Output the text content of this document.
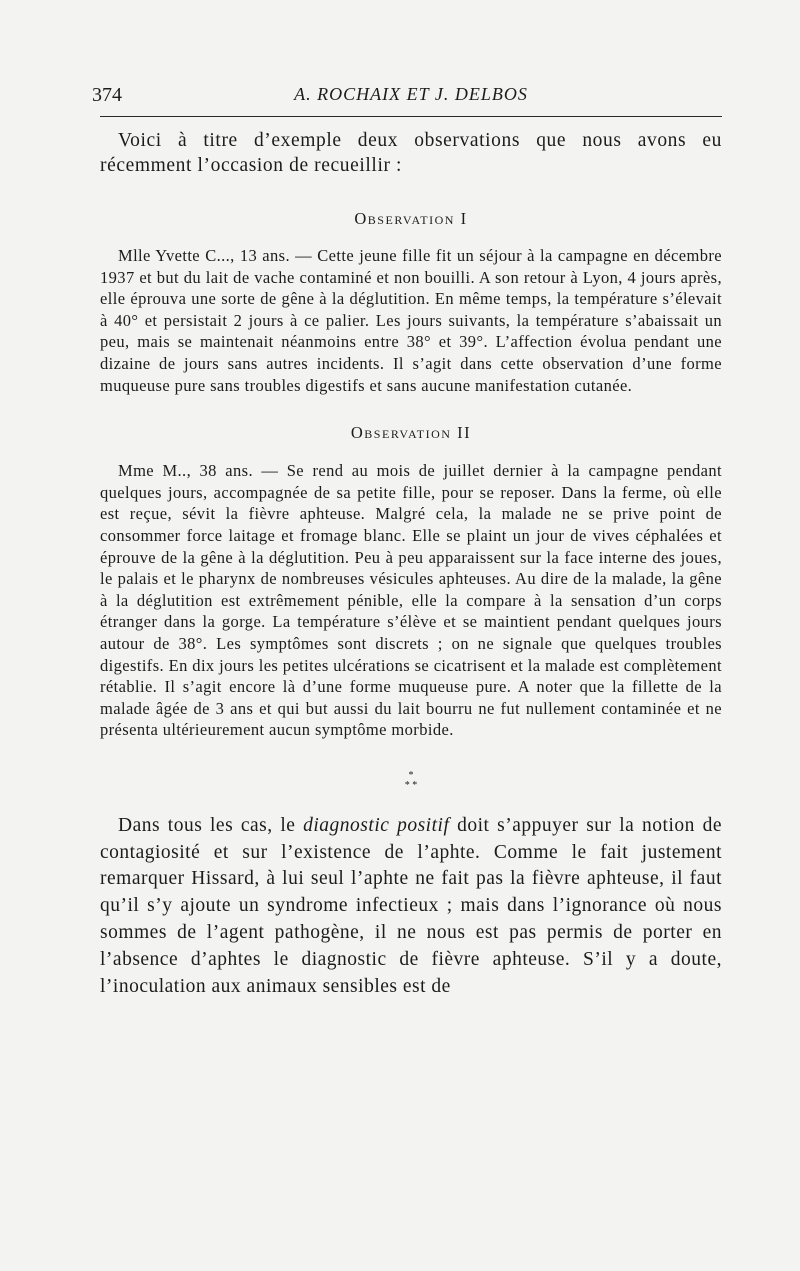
374	A. ROCHAIX ET J. DELBOS

Voici à titre d’exemple deux observations que nous avons eu récemment l’occasion de recueillir :

Observation I

Mlle Yvette C..., 13 ans. — Cette jeune fille fit un séjour à la campagne en décembre 1937 et but du lait de vache contaminé et non bouilli. A son retour à Lyon, 4 jours après, elle éprouva une sorte de gêne à la déglutition. En même temps, la température s’élevait à 40° et persistait 2 jours à ce palier. Les jours suivants, la température s’abaissait un peu, mais se maintenait néanmoins entre 38° et 39°. L’affection évolua pendant une dizaine de jours sans autres incidents. Il s’agit dans cette observation d’une forme muqueuse pure sans troubles digestifs et sans aucune manifestation cutanée.

Observation II

Mme M.., 38 ans. — Se rend au mois de juillet dernier à la campagne pendant quelques jours, accompagnée de sa petite fille, pour se reposer. Dans la ferme, où elle est reçue, sévit la fièvre aphteuse. Malgré cela, la malade ne se prive point de consommer force laitage et fromage blanc. Elle se plaint un jour de vives céphalées et éprouve de la gêne à la déglutition. Peu à peu apparaissent sur la face interne des joues, le palais et le pharynx de nombreuses vésicules aphteuses. Au dire de la malade, la gêne à la déglutition est extrêmement pénible, elle la compare à la sensation d’un corps étranger dans la gorge. La température s’élève et se maintient pendant quelques jours autour de 38°. Les symptômes sont discrets ; on ne signale que quelques troubles digestifs. En dix jours les petites ulcérations se cicatrisent et la malade est complètement rétablie. Il s’agit encore là d’une forme muqueuse pure. A noter que la fillette de la malade âgée de 3 ans et qui but aussi du lait bourru ne fut nullement contaminée et ne présenta ultérieurement aucun symptôme morbide.

*
* *

Dans tous les cas, le diagnostic positif doit s’appuyer sur la notion de contagiosité et sur l’existence de l’aphte. Comme le fait justement remarquer Hissard, à lui seul l’aphte ne fait pas la fièvre aphteuse, il faut qu’il s’y ajoute un syndrome infectieux ; mais dans l’ignorance où nous sommes de l’agent pathogène, il ne nous est pas permis de porter en l’absence d’aphtes le diagnostic de fièvre aphteuse. S’il y a doute, l’inoculation aux animaux sensibles est de
